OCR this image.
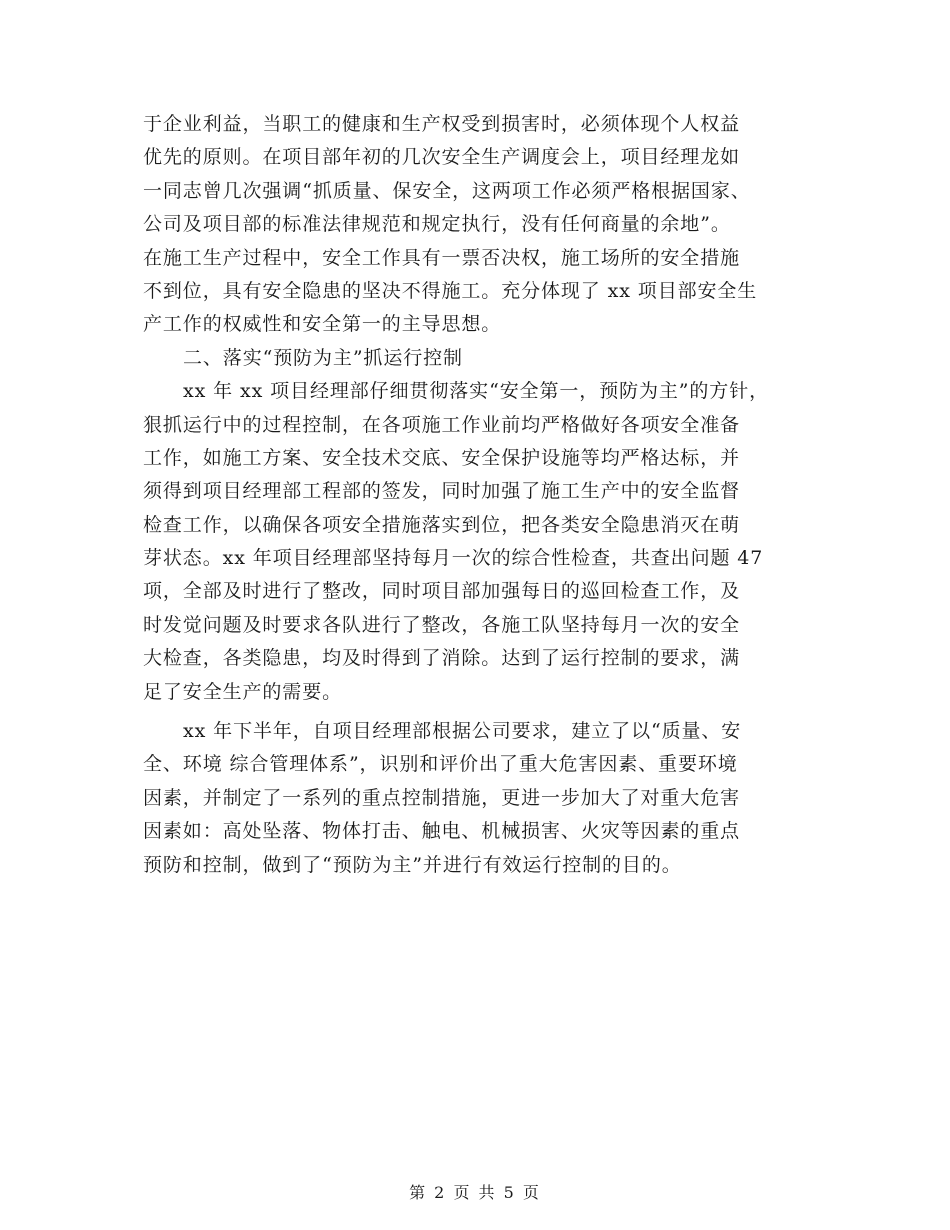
于企业利益，当职工的健康和生产权受到损害时，必须体现个人权益
优先的原则。在项目部年初的几次安全生产调度会上，项目经理龙如
一同志曾几次强调“抓质量、保安全，这两项工作必须严格根据国家、
公司及项目部的标准法律规范和规定执行，没有任何商量的余地”。
在施工生产过程中，安全工作具有一票否决权，施工场所的安全措施
不到位，具有安全隐患的坚决不得施工。充分体现了 xx 项目部安全生
产工作的权威性和安全第一的主导思想。
二、落实“预防为主”抓运行控制
xx 年 xx 项目经理部仔细贯彻落实“安全第一，预防为主”的方针，
狠抓运行中的过程控制，在各项施工作业前均严格做好各项安全准备
工作，如施工方案、安全技术交底、安全保护设施等均严格达标，并
须得到项目经理部工程部的签发，同时加强了施工生产中的安全监督
检查工作，以确保各项安全措施落实到位，把各类安全隐患消灭在萌
芽状态。xx 年项目经理部坚持每月一次的综合性检查，共查出问题 47
项，全部及时进行了整改，同时项目部加强每日的巡回检查工作，及
时发觉问题及时要求各队进行了整改，各施工队坚持每月一次的安全
大检查，各类隐患，均及时得到了消除。达到了运行控制的要求，满
足了安全生产的需要。
xx 年下半年，自项目经理部根据公司要求，建立了以“质量、安
全、环境 综合管理体系”，识别和评价出了重大危害因素、重要环境
因素，并制定了一系列的重点控制措施，更进一步加大了对重大危害
因素如：高处坠落、物体打击、触电、机械损害、火灾等因素的重点
预防和控制，做到了“预防为主”并进行有效运行控制的目的。
第 2 页 共 5 页
